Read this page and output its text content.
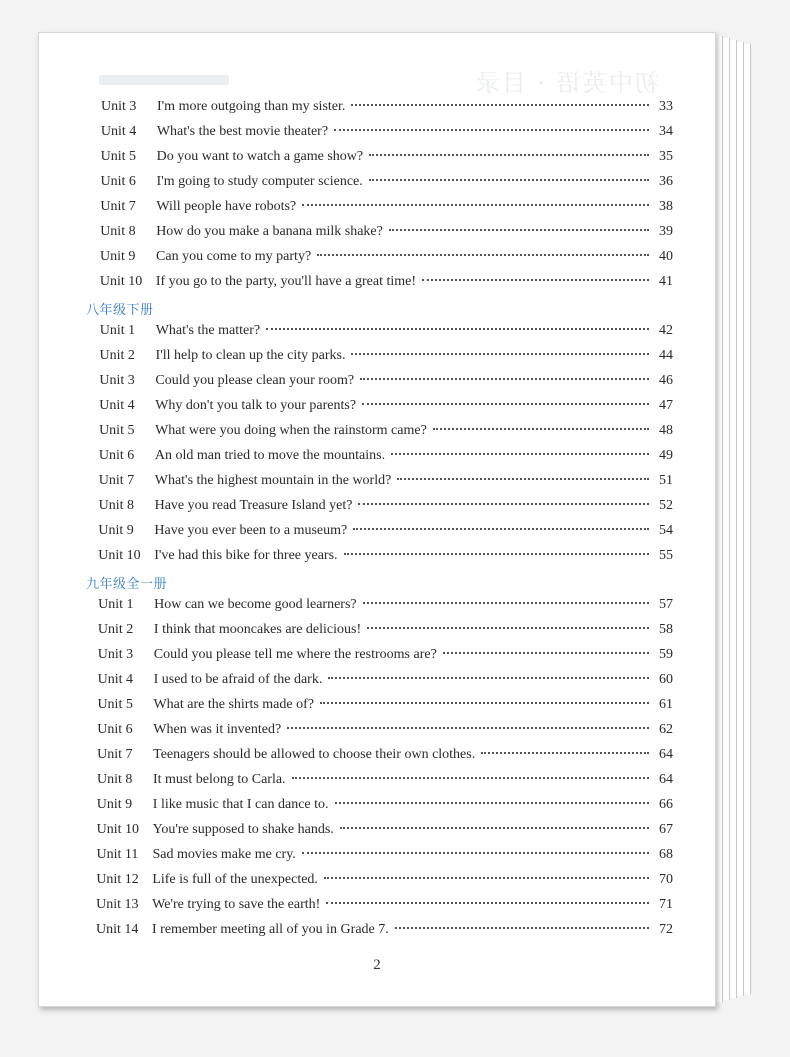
初中英语 · 目录
Unit 3	I'm more outgoing than my sister.	33
Unit 4	What's the best movie theater?	34
Unit 5	Do you want to watch a game show?	35
Unit 6	I'm going to study computer science.	36
Unit 7	Will people have robots?	38
Unit 8	How do you make a banana milk shake?	39
Unit 9	Can you come to my party?	40
Unit 10 If you go to the party, you'll have a great time!	41
八年级下册
Unit 1	What's the matter?	42
Unit 2	I'll help to clean up the city parks.	44
Unit 3	Could you please clean your room?	46
Unit 4	Why don't you talk to your parents?	47
Unit 5	What were you doing when the rainstorm came?	48
Unit 6	An old man tried to move the mountains.	49
Unit 7	What's the highest mountain in the world?	51
Unit 8	Have you read Treasure Island yet?	52
Unit 9	Have you ever been to a museum?	54
Unit 10 I've had this bike for three years.	55
九年级全一册
Unit 1	How can we become good learners?	57
Unit 2	I think that mooncakes are delicious!	58
Unit 3	Could you please tell me where the restrooms are?	59
Unit 4	I used to be afraid of the dark.	60
Unit 5	What are the shirts made of?	61
Unit 6	When was it invented?	62
Unit 7	Teenagers should be allowed to choose their own clothes.	64
Unit 8	It must belong to Carla.	64
Unit 9	I like music that I can dance to.	66
Unit 10 You're supposed to shake hands.	67
Unit 11	Sad movies make me cry.	68
Unit 12 Life is full of the unexpected.	70
Unit 13 We're trying to save the earth!	71
Unit 14 I remember meeting all of you in Grade 7.	72
2
